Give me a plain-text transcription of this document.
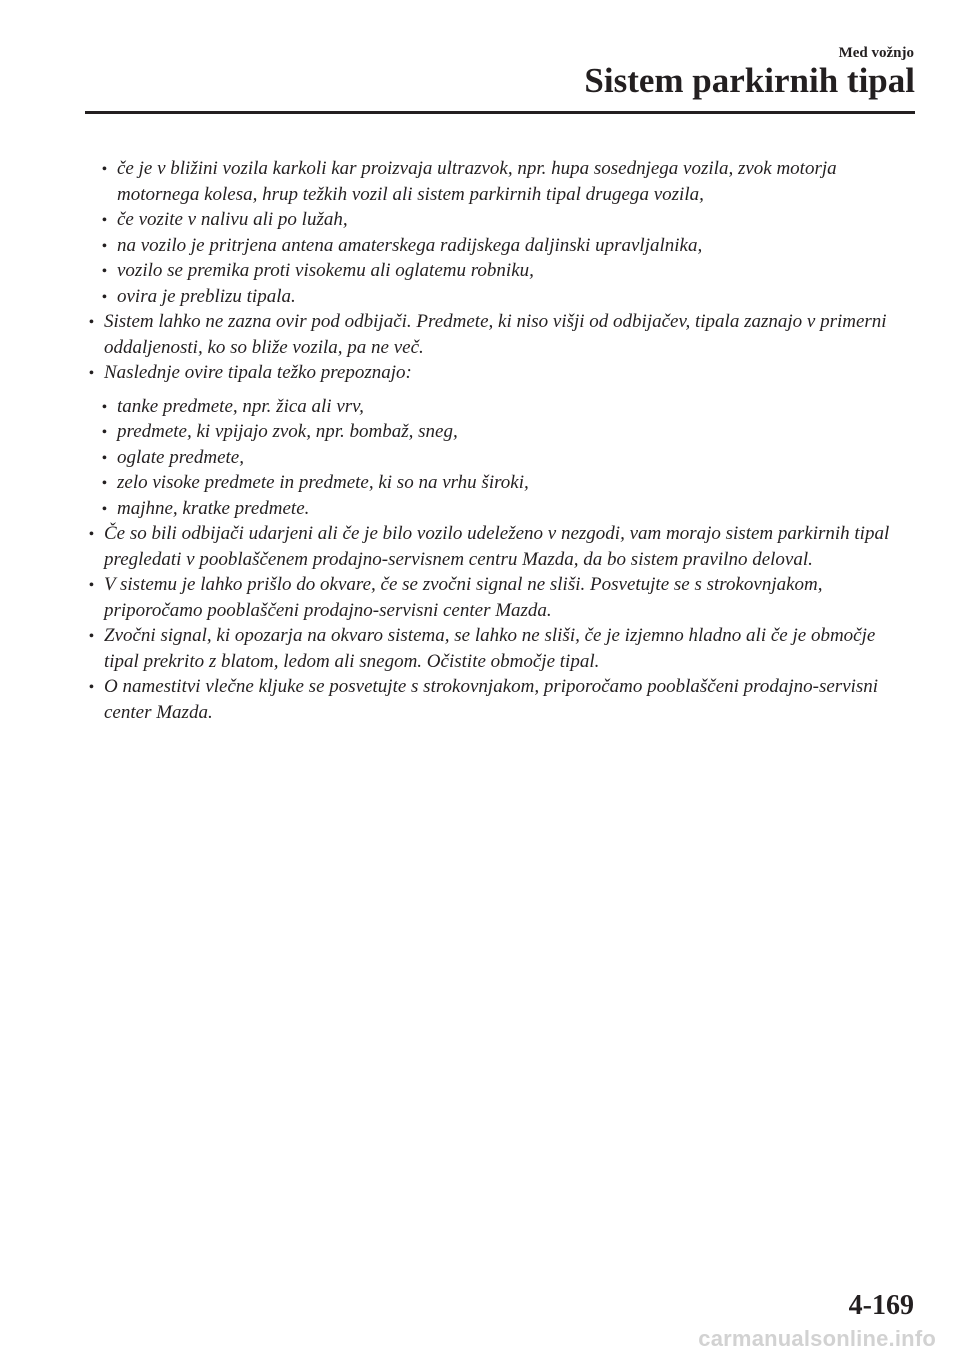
Med vožnjo
Sistem parkirnih tipal
• če je v bližini vozila karkoli kar proizvaja ultrazvok, npr. hupa sosednjega vozila, zvok motorja motornega kolesa, hrup težkih vozil ali sistem parkirnih tipal drugega vozila,
• če vozite v nalivu ali po lužah,
• na vozilo je pritrjena antena amaterskega radijskega daljinski upravljalnika,
• vozilo se premika proti visokemu ali oglatemu robniku,
• ovira je preblizu tipala.
• Sistem lahko ne zazna ovir pod odbijači. Predmete, ki niso višji od odbijačev, tipala zaznajo v primerni oddaljenosti, ko so bliže vozila, pa ne več.
• Naslednje ovire tipala težko prepoznajo:
• tanke predmete, npr. žica ali vrv,
• predmete, ki vpijajo zvok, npr. bombaž, sneg,
• oglate predmete,
• zelo visoke predmete in predmete, ki so na vrhu široki,
• majhne, kratke predmete.
• Če so bili odbijači udarjeni ali če je bilo vozilo udeleženo v nezgodi, vam morajo sistem parkirnih tipal pregledati v pooblaščenem prodajno-servisnem centru Mazda, da bo sistem pravilno deloval.
• V sistemu je lahko prišlo do okvare, če se zvočni signal ne sliši. Posvetujte se s strokovnjakom, priporočamo pooblaščeni prodajno-servisni center Mazda.
• Zvočni signal, ki opozarja na okvaro sistema, se lahko ne sliši, če je izjemno hladno ali če je območje tipal prekrito z blatom, ledom ali snegom. Očistite območje tipal.
• O namestitvi vlečne kljuke se posvetujte s strokovnjakom, priporočamo pooblaščeni prodajno-servisni center Mazda.
4-169
carmanualsonline.info
